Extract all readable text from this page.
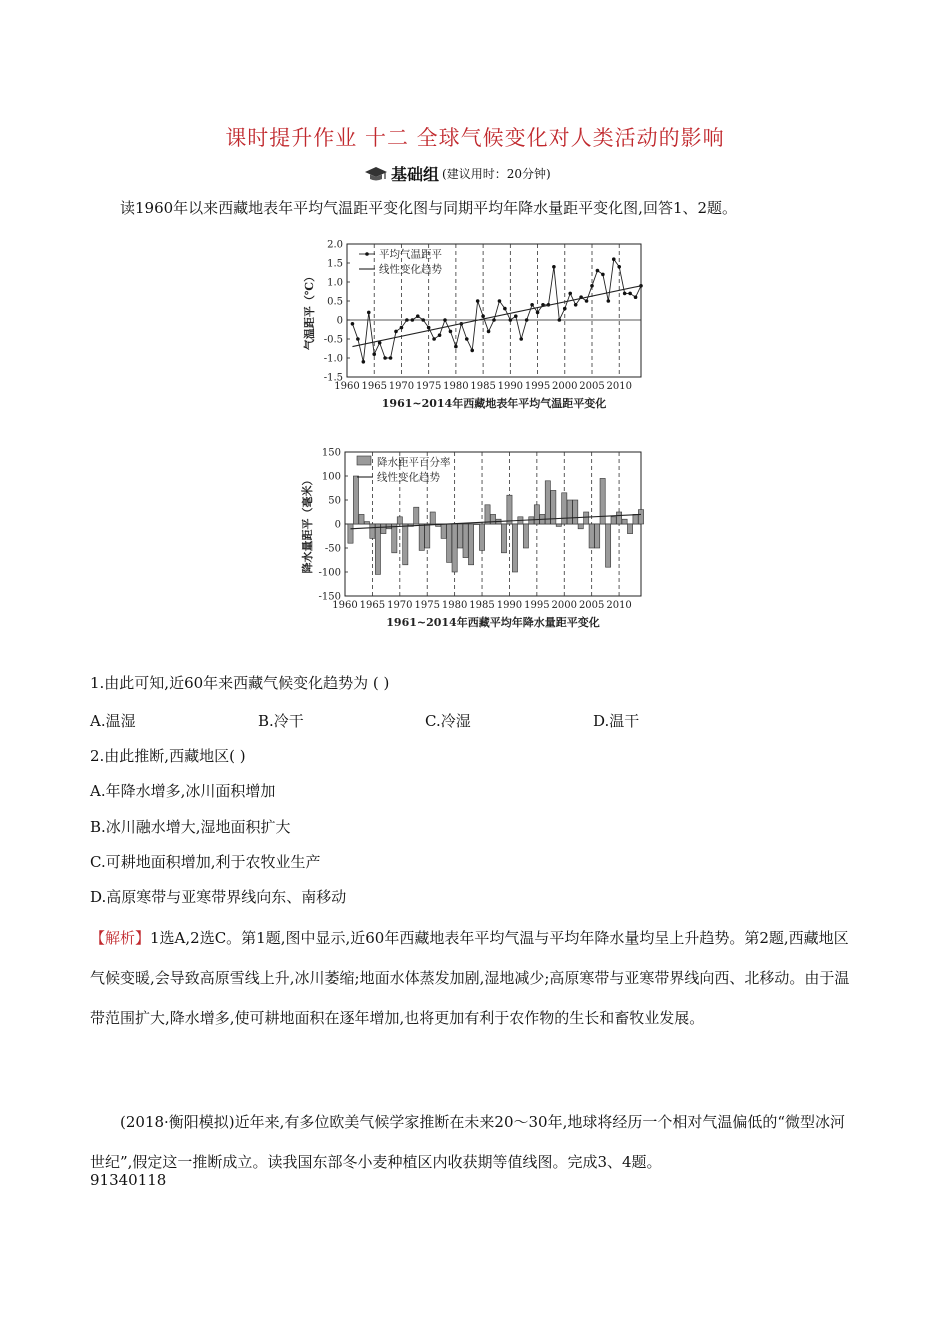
课时提升作业 十二 全球气候变化对人类活动的影响
基础组 (建议用时：20分钟)
读1960年以来西藏地表年平均气温距平变化图与同期平均年降水量距平变化图,回答1、2题。
2.0
1.5
1.0
0.5
0
-0.5
-1.0
-1.5
1960 1965 1970 1975 1980 1985 1990 1995 2000 2005 2010
气温距平（℃）
1961~2014年西藏地表年平均气温距平变化
平均气温距平
线性变化趋势
150
100
50
0
-50
-100
-150
1960 1965 1970 1975 1980 1985 1990 1995 2000 2005 2010
降水量距平（毫米）
1961~2014年西藏平均年降水量距平变化
降水距平百分率
线性变化趋势
1.由此可知,近60年来西藏气候变化趋势为 ( )
A.温湿	B.冷干	C.冷湿	D.温干
2.由此推断,西藏地区( )
A.年降水增多,冰川面积增加
B.冰川融水增大,湿地面积扩大
C.可耕地面积增加,利于农牧业生产
D.高原寒带与亚寒带界线向东、南移动
【解析】1选A,2选C。第1题,图中显示,近60年西藏地表年平均气温与平均年降水量均呈上升趋势。第2题,西藏地区气候变暖,会导致高原雪线上升,冰川萎缩;地面水体蒸发加剧,湿地减少;高原寒带与亚寒带界线向西、北移动。由于温带范围扩大,降水增多,使可耕地面积在逐年增加,也将更加有利于农作物的生长和畜牧业发展。
(2018·衡阳模拟)近年来,有多位欧美气候学家推断在未来20～30年,地球将经历一个相对气温偏低的“微型冰河世纪”,假定这一推断成立。读我国东部冬小麦种植区内收获期等值线图。完成3、4题。
91340118
